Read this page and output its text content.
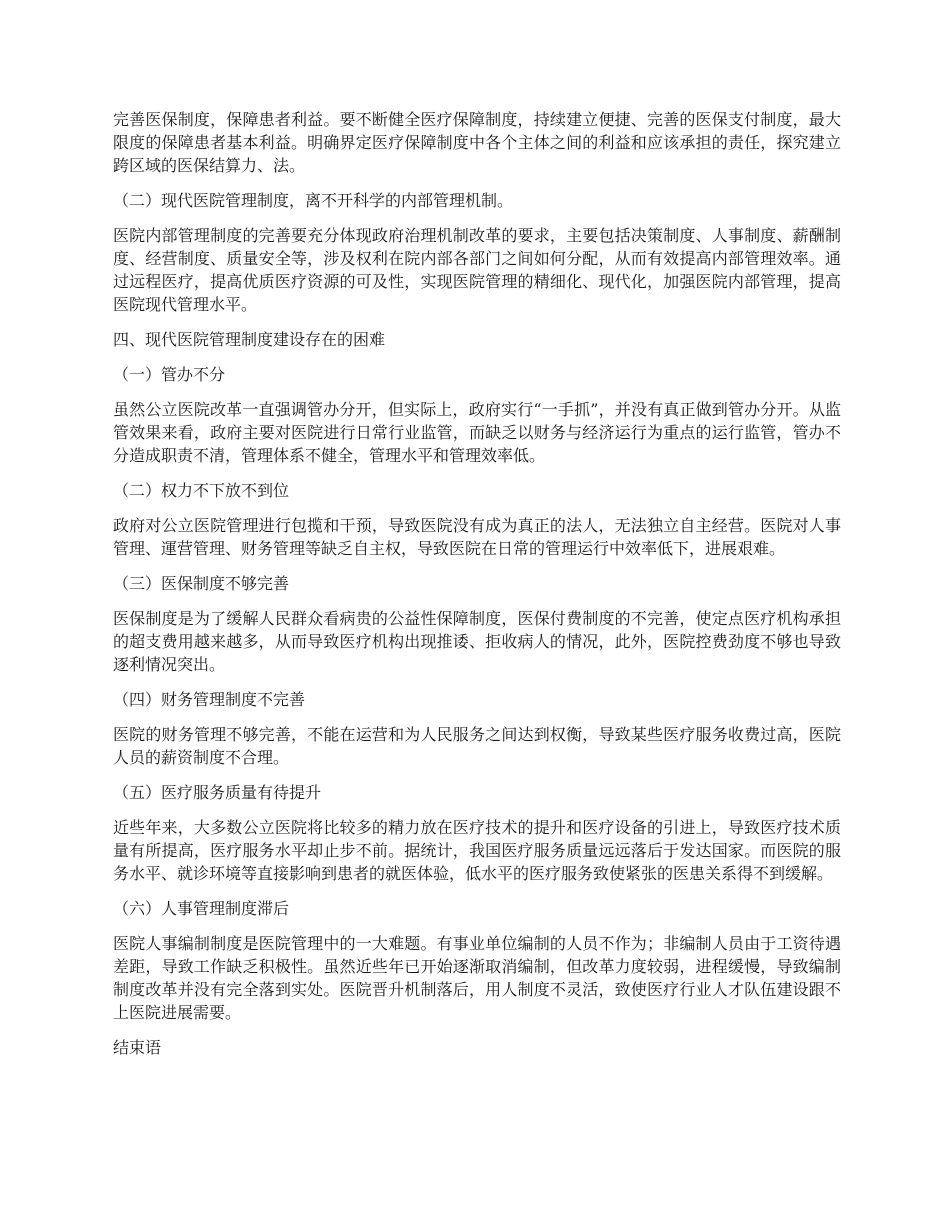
完善医保制度，保障患者利益。要不断健全医疗保障制度，持续建立便捷、完善的医保支付制度，最大限度的保障患者基本利益。明确界定医疗保障制度中各个主体之间的利益和应该承担的责任，探究建立跨区域的医保结算力、法。

（二）现代医院管理制度，离不开科学的内部管理机制。

医院内部管理制度的完善要充分体现政府治理机制改革的要求，主要包括决策制度、人事制度、薪酬制度、经营制度、质量安全等，涉及权利在院内部各部门之间如何分配，从而有效提高内部管理效率。通过远程医疗，提高优质医疗资源的可及性，实现医院管理的精细化、现代化，加强医院内部管理，提高医院现代管理水平。

四、现代医院管理制度建设存在的困难

（一）管办不分

虽然公立医院改革一直强调管办分开，但实际上，政府实行“一手抓”，并没有真正做到管办分开。从监管效果来看，政府主要对医院进行日常行业监管，而缺乏以财务与经济运行为重点的运行监管，管办不分造成职责不清，管理体系不健全，管理水平和管理效率低。

（二）权力不下放不到位

政府对公立医院管理进行包揽和干预，导致医院没有成为真正的法人，无法独立自主经营。医院对人事管理、運营管理、财务管理等缺乏自主权，导致医院在日常的管理运行中效率低下，进展艰难。

（三）医保制度不够完善

医保制度是为了缓解人民群众看病贵的公益性保障制度，医保付费制度的不完善，使定点医疗机构承担的超支费用越来越多，从而导致医疗机构出现推诿、拒收病人的情况，此外，医院控费劲度不够也导致逐利情况突出。

（四）财务管理制度不完善

医院的财务管理不够完善，不能在运营和为人民服务之间达到权衡，导致某些医疗服务收费过高，医院人员的薪资制度不合理。

（五）医疗服务质量有待提升

近些年来，大多数公立医院将比较多的精力放在医疗技术的提升和医疗设备的引进上，导致医疗技术质量有所提高，医疗服务水平却止步不前。据统计，我国医疗服务质量远远落后于发达国家。而医院的服务水平、就诊环境等直接影响到患者的就医体验，低水平的医疗服务致使紧张的医患关系得不到缓解。

（六）人事管理制度滞后

医院人事编制制度是医院管理中的一大难题。有事业单位编制的人员不作为；非编制人员由于工资待遇差距，导致工作缺乏积极性。虽然近些年已开始逐渐取消编制，但改革力度较弱，进程缓慢，导致编制制度改革并没有完全落到实处。医院晋升机制落后，用人制度不灵活，致使医疗行业人才队伍建设跟不上医院进展需要。

结束语
